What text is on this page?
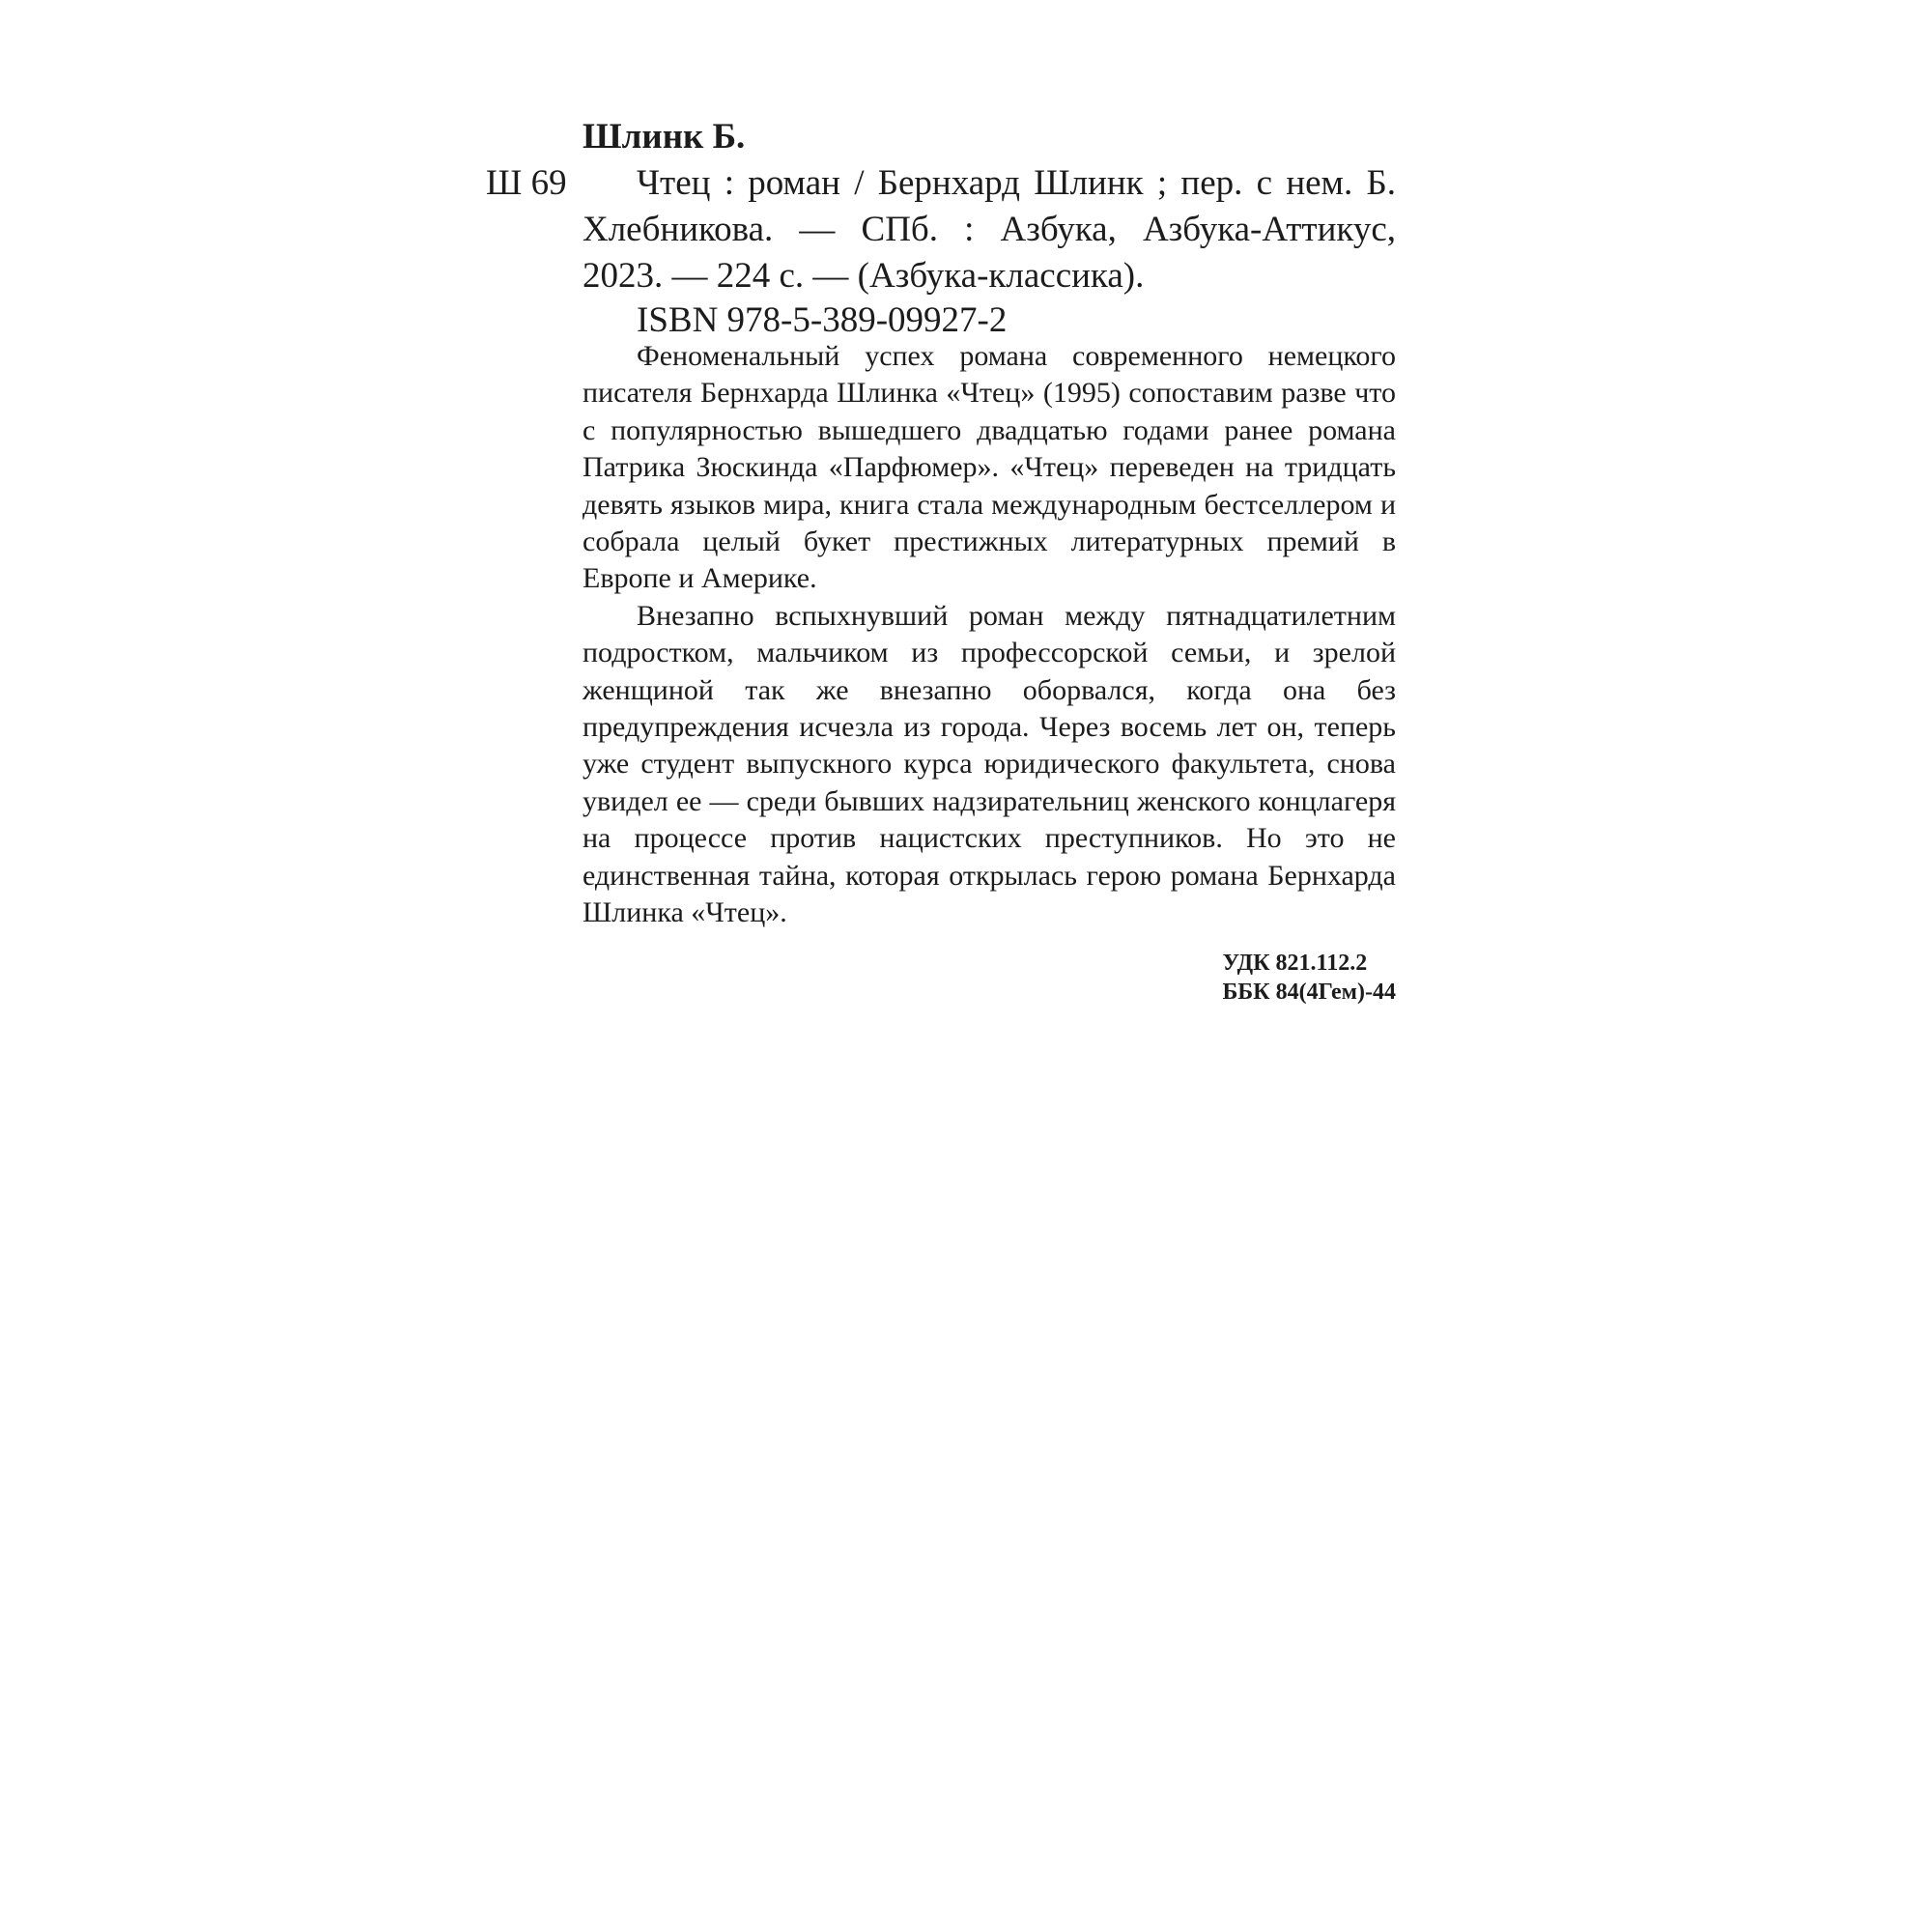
Шлинк Б.
Ш 69	Чтец : роман / Бернхард Шлинк ; пер. с нем. Б. Хлебникова. — СПб. : Азбука, Азбука-Аттикус, 2023. — 224 с. — (Азбука-классика).
ISBN 978-5-389-09927-2

Феноменальный успех романа современного немецкого писателя Бернхарда Шлинка «Чтец» (1995) сопоставим разве что с популярностью вышедшего двадцатью годами ранее романа Патрика Зюскинда «Парфюмер». «Чтец» переведен на тридцать девять языков мира, книга стала международным бестселлером и собрала целый букет престижных литературных премий в Европе и Америке.

Внезапно вспыхнувший роман между пятнадцатилетним подростком, мальчиком из профессорской семьи, и зрелой женщиной так же внезапно оборвался, когда она без предупреждения исчезла из города. Через восемь лет он, теперь уже студент выпускного курса юридического факультета, снова увидел ее — среди бывших надзирательниц женского концлагеря на процессе против нацистских преступников. Но это не единственная тайна, которая открылась герою романа Бернхарда Шлинка «Чтец».

УДК 821.112.2
ББК 84(4Гем)-44
